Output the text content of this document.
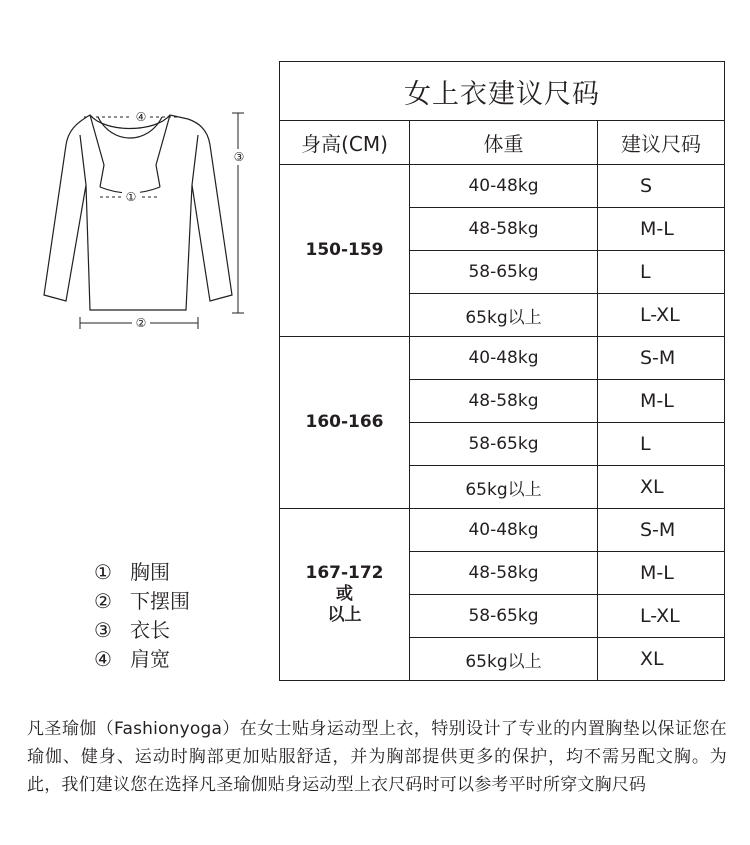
④
①
②
③
① 胸围
② 下摆围
③ 衣长
④ 肩宽
女上衣建议尺码		
身高(CM)	体重	建议尺码
150-159	40-48kg	S
	48-58kg	M-L
	58-65kg	L
	65kg以上	L-XL
160-166	40-48kg	S-M
	48-58kg	M-L
	58-65kg	L
	65kg以上	XL
167-172
或
以上	40-48kg	S-M
	48-58kg	M-L
	58-65kg	L-XL
	65kg以上	XL
凡圣瑜伽（Fashionyoga）在女士贴身运动型上衣，特别设计了专业的内置胸垫以保证您在瑜伽、健身、运动时胸部更加贴服舒适，并为胸部提供更多的保护，均不需另配文胸。为此，我们建议您在选择凡圣瑜伽贴身运动型上衣尺码时可以参考平时所穿文胸尺码
